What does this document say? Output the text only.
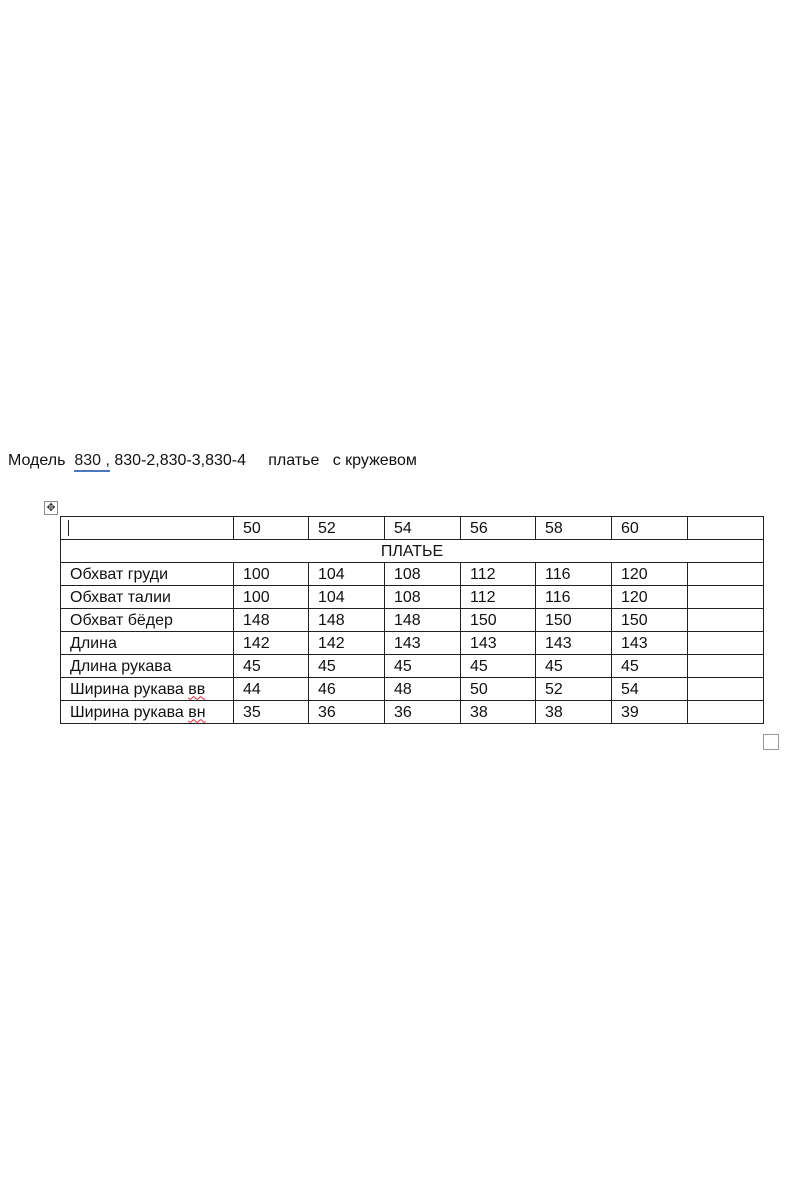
Модель 830 , 830-2,830-3,830-4 платье с кружевом
✥
	50	52	54	56	58	60	
ПЛАТЬЕ							
Обхват груди	100	104	108	112	116	120	
Обхват талии	100	104	108	112	116	120	
Обхват бёдер	148	148	148	150	150	150	
Длина	142	142	143	143	143	143	
Длина рукава	45	45	45	45	45	45	
Ширина рукава вв	44	46	48	50	52	54	
Ширина рукава вн	35	36	36	38	38	39	
